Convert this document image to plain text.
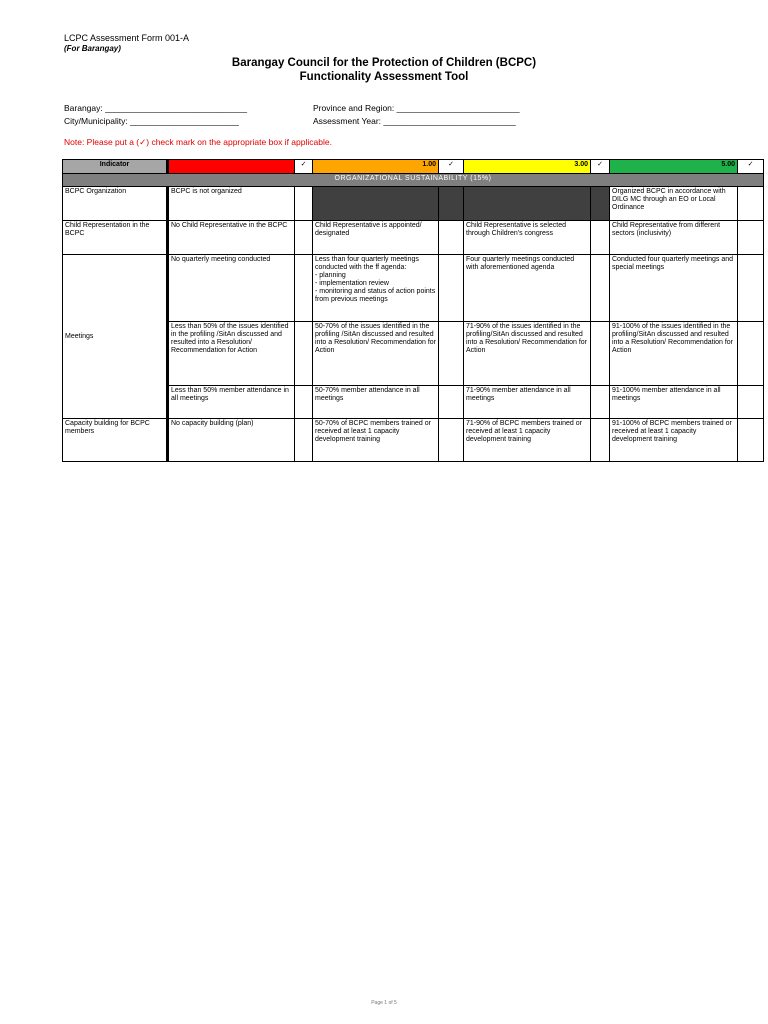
LCPC Assessment Form 001-A
(For Barangay)
Barangay Council for the Protection of Children (BCPC)
Functionality Assessment Tool
Barangay: ______________________________
City/Municipality: _______________________
Province and Region: __________________________
Assessment Year: ____________________________
Note: Please put a (✓) check mark on the appropriate box if applicable.
Indicator		✓	1.00	✓	3.00	✓	5.00	✓
ORGANIZATIONAL SUSTAINABILITY (15%)								
BCPC Organization	BCPC is not organized						Organized BCPC in accordance with DILG MC through an EO or Local Ordinance	
Child Representation in the BCPC	No Child Representative in the BCPC		Child Representative is appointed/ designated		Child Representative is selected through Children's congress		Child Representative from different sectors (inclusivity)	
Meetings	No quarterly meeting conducted		Less than four quarterly meetings conducted with the ff agenda:
- planning
- implementation review
- monitoring and status of action points from previous meetings		Four quarterly meetings conducted with aforementioned agenda		Conducted four quarterly meetings and special meetings	
	Less than 50% of the issues identified in the profiling /SitAn discussed and resulted into a Resolution/ Recommendation for Action		50-70% of the issues identified in the profiling /SitAn discussed and resulted into a Resolution/ Recommendation for Action		71-90% of the issues identified in the profiling/SitAn discussed and resulted into a Resolution/ Recommendation for Action		91-100% of the issues identified in the profiling/SitAn discussed and resulted into a Resolution/ Recommendation for Action	
	Less than 50% member attendance in all meetings		50-70% member attendance in all meetings		71-90% member attendance in all meetings		91-100% member attendance in all meetings	
Capacity building for BCPC members	No capacity building (plan)		50-70% of BCPC members trained or received at least 1 capacity development training		71-90% of BCPC members trained or received at least 1 capacity development training		91-100% of BCPC members trained or received at least 1 capacity development training	
Page 1 of 5
